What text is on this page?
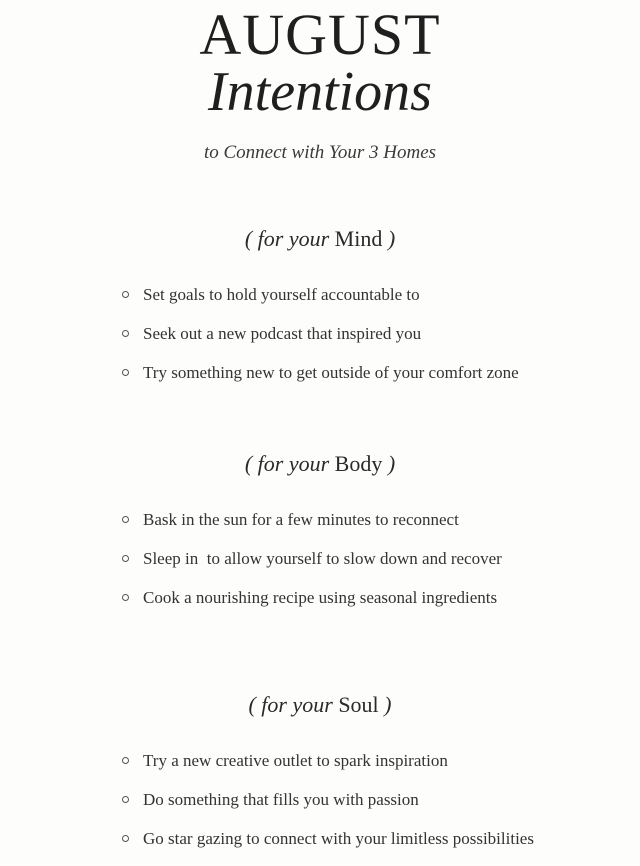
AUGUST
Intentions
to Connect with Your 3 Homes
( for your Mind )
Set goals to hold yourself accountable to
Seek out a new podcast that inspired you
Try something new to get outside of your comfort zone
( for your Body )
Bask in the sun for a few minutes to reconnect
Sleep in  to allow yourself to slow down and recover
Cook a nourishing recipe using seasonal ingredients
( for your Soul )
Try a new creative outlet to spark inspiration
Do something that fills you with passion
Go star gazing to connect with your limitless possibilities
